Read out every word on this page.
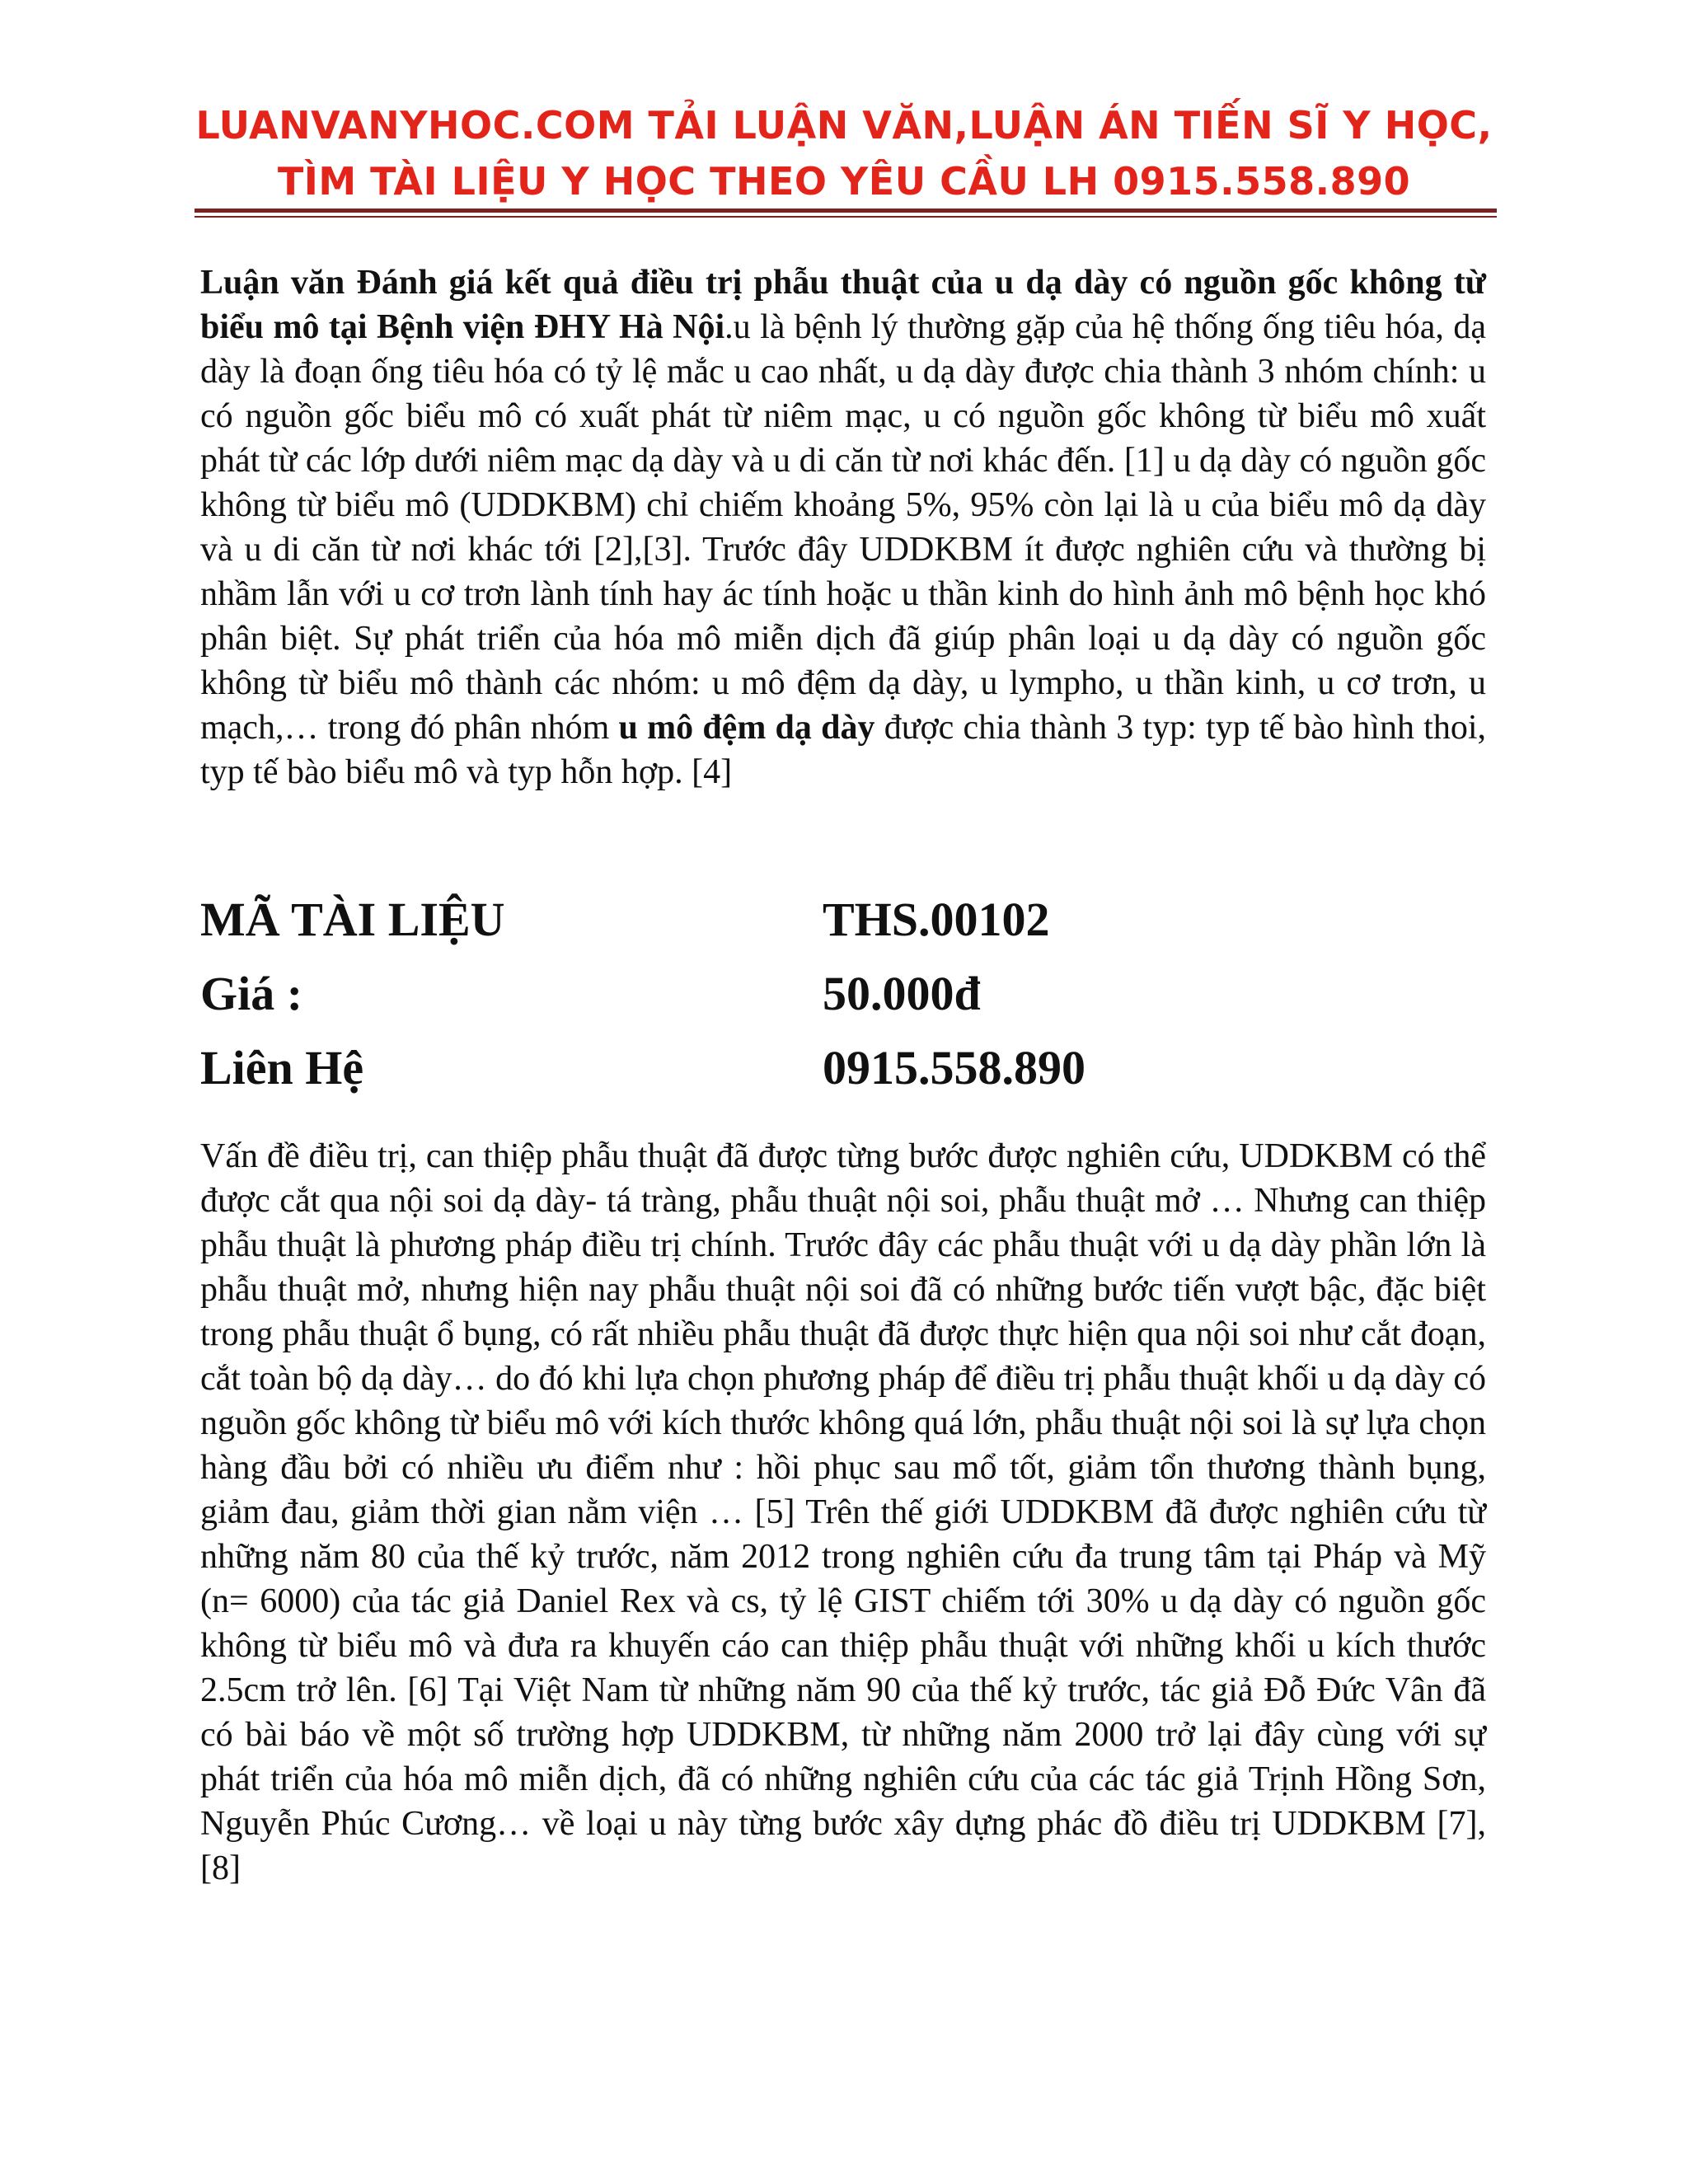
LUANVANYHOC.COM TẢI LUẬN VĂN,LUẬN ÁN TIẾN SĨ Y HỌC,
TÌM TÀI LIỆU Y HỌC THEO YÊU CẦU LH 0915.558.890

Luận văn Đánh giá kết quả điều trị phẫu thuật của u dạ dày có nguồn gốc không từ biểu mô tại Bệnh viện ĐHY Hà Nội.u là bệnh lý thường gặp của hệ thống ống tiêu hóa, dạ dày là đoạn ống tiêu hóa có tỷ lệ mắc u cao nhất, u dạ dày được chia thành 3 nhóm chính: u có nguồn gốc biểu mô có xuất phát từ niêm mạc, u có nguồn gốc không từ biểu mô xuất phát từ các lớp dưới niêm mạc dạ dày và u di căn từ nơi khác đến. [1] u dạ dày có nguồn gốc không từ biểu mô (UDDKBM) chỉ chiếm khoảng 5%, 95% còn lại là u của biểu mô dạ dày và u di căn từ nơi khác tới [2],[3]. Trước đây UDDKBM ít được nghiên cứu và thường bị nhầm lẫn với u cơ trơn lành tính hay ác tính hoặc u thần kinh do hình ảnh mô bệnh học khó phân biệt. Sự phát triển của hóa mô miễn dịch đã giúp phân loại u dạ dày có nguồn gốc không từ biểu mô thành các nhóm: u mô đệm dạ dày, u lympho, u thần kinh, u cơ trơn, u mạch,… trong đó phân nhóm u mô đệm dạ dày được chia thành 3 typ: typ tế bào hình thoi, typ tế bào biểu mô và typ hỗn hợp. [4]

MÃ TÀI LIỆU	THS.00102
Giá :	50.000đ
Liên Hệ	0915.558.890

Vấn đề điều trị, can thiệp phẫu thuật đã được từng bước được nghiên cứu, UDDKBM có thể được cắt qua nội soi dạ dày- tá tràng, phẫu thuật nội soi, phẫu thuật mở … Nhưng can thiệp phẫu thuật là phương pháp điều trị chính. Trước đây các phẫu thuật với u dạ dày phần lớn là phẫu thuật mở, nhưng hiện nay phẫu thuật nội soi đã có những bước tiến vượt bậc, đặc biệt trong phẫu thuật ổ bụng, có rất nhiều phẫu thuật đã được thực hiện qua nội soi như cắt đoạn, cắt toàn bộ dạ dày… do đó khi lựa chọn phương pháp để điều trị phẫu thuật khối u dạ dày có nguồn gốc không từ biểu mô với kích thước không quá lớn, phẫu thuật nội soi là sự lựa chọn hàng đầu bởi có nhiều ưu điểm như : hồi phục sau mổ tốt, giảm tổn thương thành bụng, giảm đau, giảm thời gian nằm viện … [5] Trên thế giới UDDKBM đã được nghiên cứu từ những năm 80 của thế kỷ trước, năm 2012 trong nghiên cứu đa trung tâm tại Pháp và Mỹ (n= 6000) của tác giả Daniel Rex và cs, tỷ lệ GIST chiếm tới 30% u dạ dày có nguồn gốc không từ biểu mô và đưa ra khuyến cáo can thiệp phẫu thuật với những khối u kích thước 2.5cm trở lên. [6] Tại Việt Nam từ những năm 90 của thế kỷ trước, tác giả Đỗ Đức Vân đã có bài báo về một số trường hợp UDDKBM, từ những năm 2000 trở lại đây cùng với sự phát triển của hóa mô miễn dịch, đã có những nghiên cứu của các tác giả Trịnh Hồng Sơn, Nguyễn Phúc Cương… về loại u này từng bước xây dựng phác đồ điều trị UDDKBM [7], [8]
